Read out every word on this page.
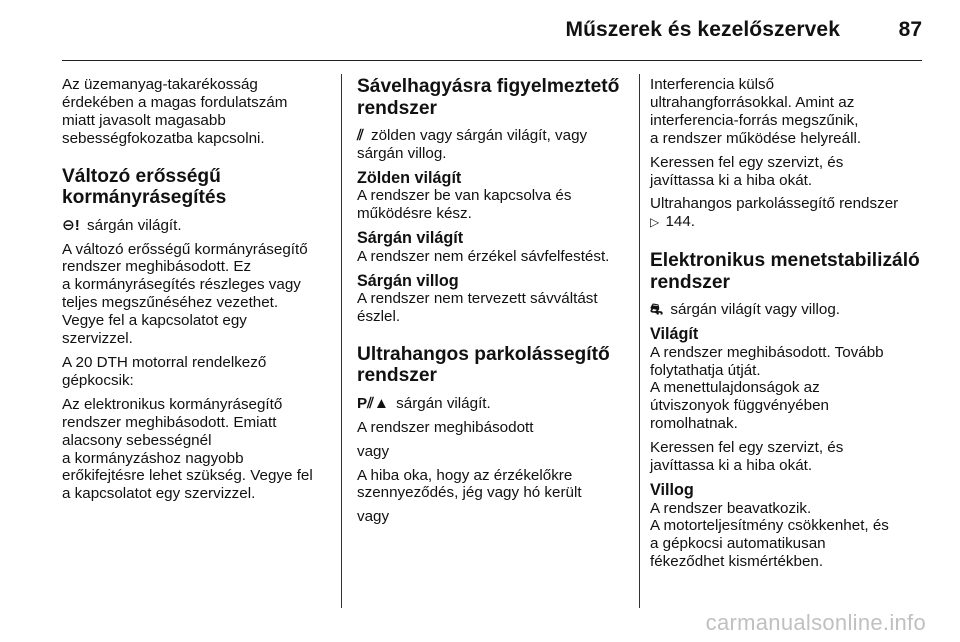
Műszerek és kezelőszervek	87

Az üzemanyag-takarékosság
érdekében a magas fordulatszám
miatt javasolt magasabb
sebességfokozatba kapcsolni.

Változó erősségű
kormányrásegítés

⊖! sárgán világít.

A változó erősségű kormányrásegítő
rendszer meghibásodott. Ez
a kormányrásegítés részleges vagy
teljes megszűnéséhez vezethet.
Vegye fel a kapcsolatot egy
szervizzel.

A 20 DTH motorral rendelkező
gépkocsik:

Az elektronikus kormányrásegítő
rendszer meghibásodott. Emiatt
alacsony sebességnél
a kormányzáshoz nagyobb
erőkifejtésre lehet szükség. Vegye fel
a kapcsolatot egy szervizzel.

Sávelhagyásra figyelmeztető
rendszer

⫽ zölden vagy sárgán világít, vagy
sárgán villog.

Zölden világít

A rendszer be van kapcsolva és
működésre kész.

Sárgán világít

A rendszer nem érzékel sávfelfestést.

Sárgán villog

A rendszer nem tervezett sávváltást
észlel.

Ultrahangos parkolássegítő
rendszer

P⫽▲ sárgán világít.

A rendszer meghibásodott

vagy

A hiba oka, hogy az érzékelőkre
szennyeződés, jég vagy hó került

vagy

Interferencia külső
ultrahangforrásokkal. Amint az
interferencia-forrás megszűnik,
a rendszer működése helyreáll.

Keressen fel egy szervizt, és
javíttassa ki a hiba okát.

Ultrahangos parkolássegítő rendszer
▷ 144.

Elektronikus menetstabilizáló
rendszer

⛐ sárgán világít vagy villog.

Világít

A rendszer meghibásodott. Tovább
folytathatja útját.
A menettulajdonságok az
útviszonyok függvényében
romolhatnak.

Keressen fel egy szervizt, és
javíttassa ki a hiba okát.

Villog

A rendszer beavatkozik.
A motorteljesítmény csökkenhet, és
a gépkocsi automatikusan
fékeződhet kismértékben.

carmanualsonline.info
